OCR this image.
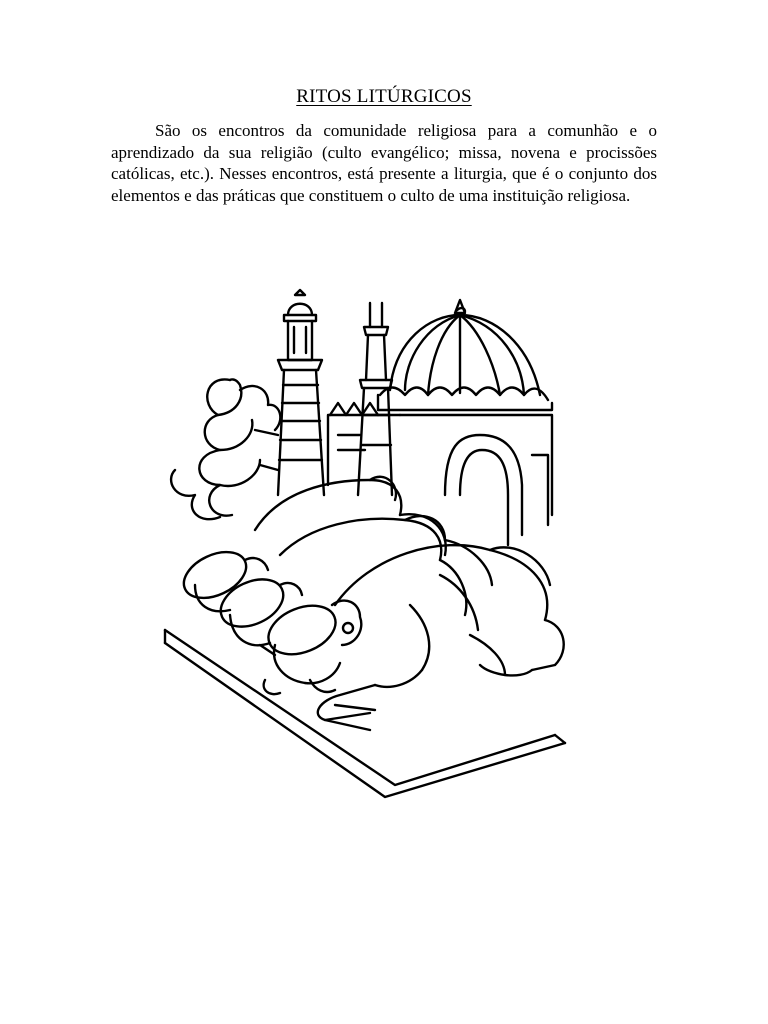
RITOS LITÚRGICOS

São os encontros da comunidade religiosa para a comunhão e o aprendizado da sua religião (culto evangélico; missa, novena e procissões católicas, etc.). Nesses encontros, está presente a liturgia, que é o conjunto dos elementos e das práticas que constituem o culto de uma instituição religiosa.
